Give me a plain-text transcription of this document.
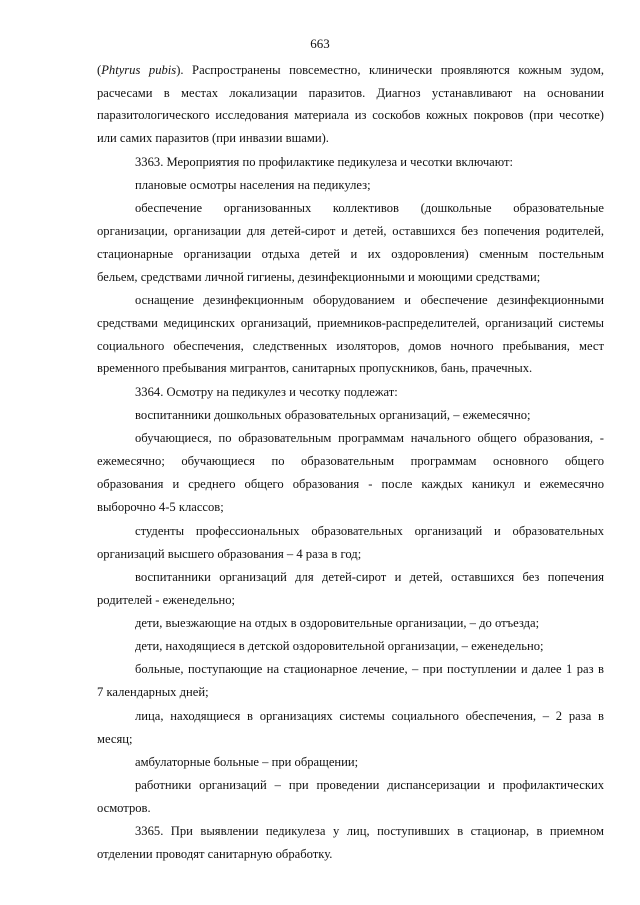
663
(Phtyrus pubis). Распространены повсеместно, клинически проявляются кожным зудом,
расчесами в местах локализации паразитов. Диагноз устанавливают на основании
паразитологического исследования материала из соскобов кожных покровов (при чесотке)
или самих паразитов (при инвазии вшами).
3363. Мероприятия по профилактике педикулеза и чесотки включают:
плановые осмотры населения на педикулез;
обеспечение организованных коллективов (дошкольные образовательные
организации, организации для детей-сирот и детей, оставшихся без попечения родителей,
стационарные организации отдыха детей и их оздоровления) сменным постельным
бельем, средствами личной гигиены, дезинфекционными и моющими средствами;
оснащение дезинфекционным оборудованием и обеспечение дезинфекционными
средствами медицинских организаций, приемников-распределителей, организаций системы
социального обеспечения, следственных изоляторов, домов ночного пребывания, мест
временного пребывания мигрантов, санитарных пропускников, бань, прачечных.
3364. Осмотру на педикулез и чесотку подлежат:
воспитанники дошкольных образовательных организаций, – ежемесячно;
обучающиеся, по образовательным программам начального общего образования, -
ежемесячно; обучающиеся по образовательным программам основного общего
образования и среднего общего образования - после каждых каникул и ежемесячно
выборочно 4-5 классов;
студенты профессиональных образовательных организаций и образовательных
организаций высшего образования – 4 раза в год;
воспитанники организаций для детей-сирот и детей, оставшихся без попечения
родителей - еженедельно;
дети, выезжающие на отдых в оздоровительные организации, – до отъезда;
дети, находящиеся в детской оздоровительной организации, – еженедельно;
больные, поступающие на стационарное лечение, – при поступлении и далее 1 раз в
7 календарных дней;
лица, находящиеся в организациях системы социального обеспечения, – 2 раза в
месяц;
амбулаторные больные – при обращении;
работники организаций – при проведении диспансеризации и профилактических
осмотров.
3365. При выявлении педикулеза у лиц, поступивших в стационар, в приемном
отделении проводят санитарную обработку.
